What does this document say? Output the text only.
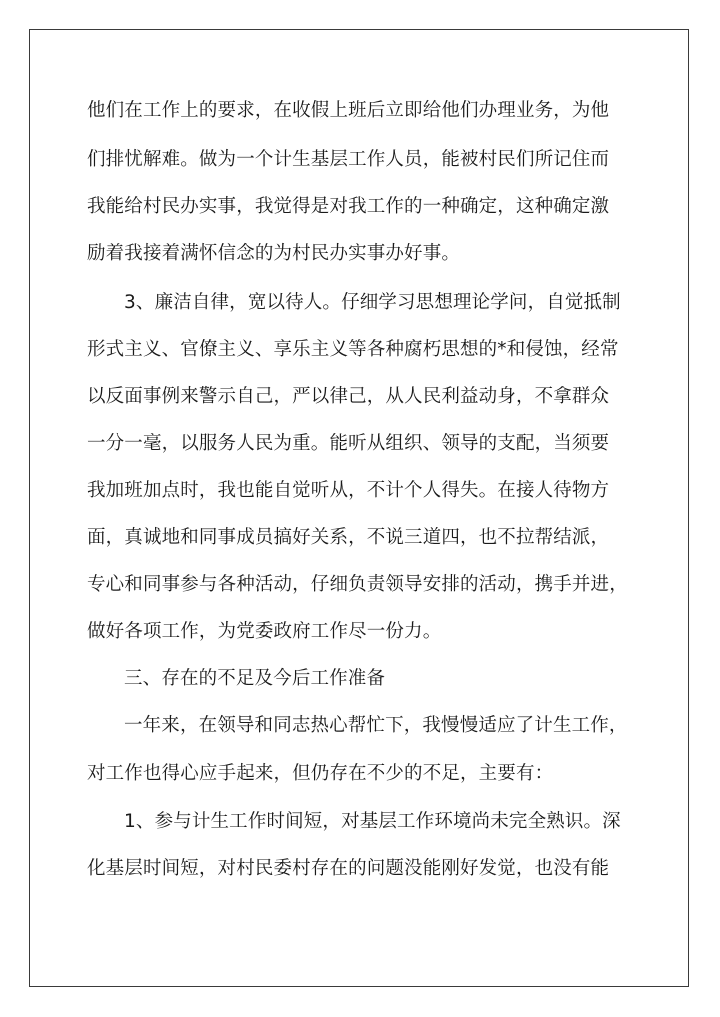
他们在工作上的要求，在收假上班后立即给他们办理业务，为他
们排忧解难。做为一个计生基层工作人员，能被村民们所记住而
我能给村民办实事，我觉得是对我工作的一种确定，这种确定激
励着我接着满怀信念的为村民办实事办好事。
3、廉洁自律，宽以待人。仔细学习思想理论学问，自觉抵制
形式主义、官僚主义、享乐主义等各种腐朽思想的*和侵蚀，经常
以反面事例来警示自己，严以律己，从人民利益动身，不拿群众
一分一毫，以服务人民为重。能听从组织、领导的支配，当须要
我加班加点时，我也能自觉听从，不计个人得失。在接人待物方
面，真诚地和同事成员搞好关系，不说三道四，也不拉帮结派，
专心和同事参与各种活动，仔细负责领导安排的活动，携手并进，
做好各项工作，为党委政府工作尽一份力。
三、存在的不足及今后工作准备
一年来，在领导和同志热心帮忙下，我慢慢适应了计生工作，
对工作也得心应手起来，但仍存在不少的不足，主要有：
1、参与计生工作时间短，对基层工作环境尚未完全熟识。深
化基层时间短，对村民委村存在的问题没能刚好发觉，也没有能
